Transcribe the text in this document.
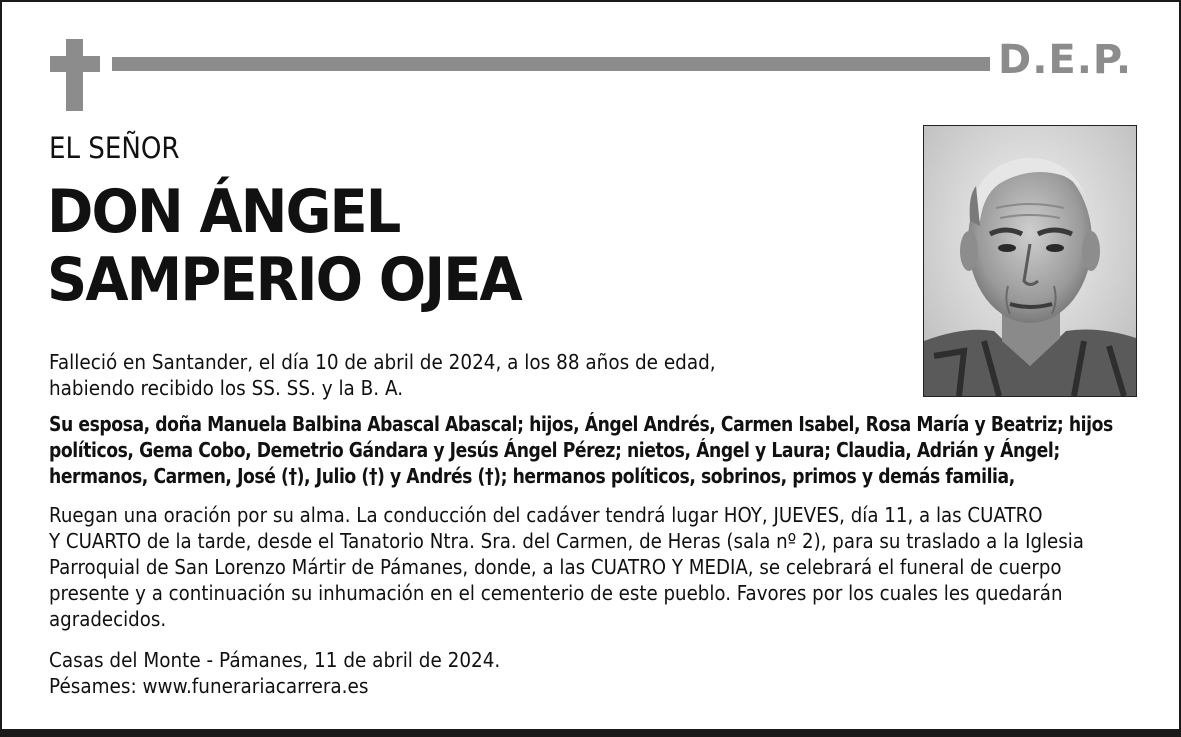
D.E.P.
EL SEÑOR
DON ÁNGEL
SAMPERIO OJEA
Falleció en Santander, el día 10 de abril de 2024, a los 88 años de edad,
habiendo recibido los SS. SS. y la B. A.
Su esposa, doña Manuela Balbina Abascal Abascal; hijos, Ángel Andrés, Carmen Isabel, Rosa María y Beatriz; hijos
políticos, Gema Cobo, Demetrio Gándara y Jesús Ángel Pérez; nietos, Ángel y Laura; Claudia, Adrián y Ángel;
hermanos, Carmen, José (†), Julio (†) y Andrés (†); hermanos políticos, sobrinos, primos y demás familia,
Ruegan una oración por su alma. La conducción del cadáver tendrá lugar HOY, JUEVES, día 11, a las CUATRO
Y CUARTO de la tarde, desde el Tanatorio Ntra. Sra. del Carmen, de Heras (sala nº 2), para su traslado a la Iglesia
Parroquial de San Lorenzo Mártir de Pámanes, donde, a las CUATRO Y MEDIA, se celebrará el funeral de cuerpo
presente y a continuación su inhumación en el cementerio de este pueblo. Favores por los cuales les quedarán
agradecidos.
Casas del Monte - Pámanes, 11 de abril de 2024.
Pésames: www.funerariacarrera.es
